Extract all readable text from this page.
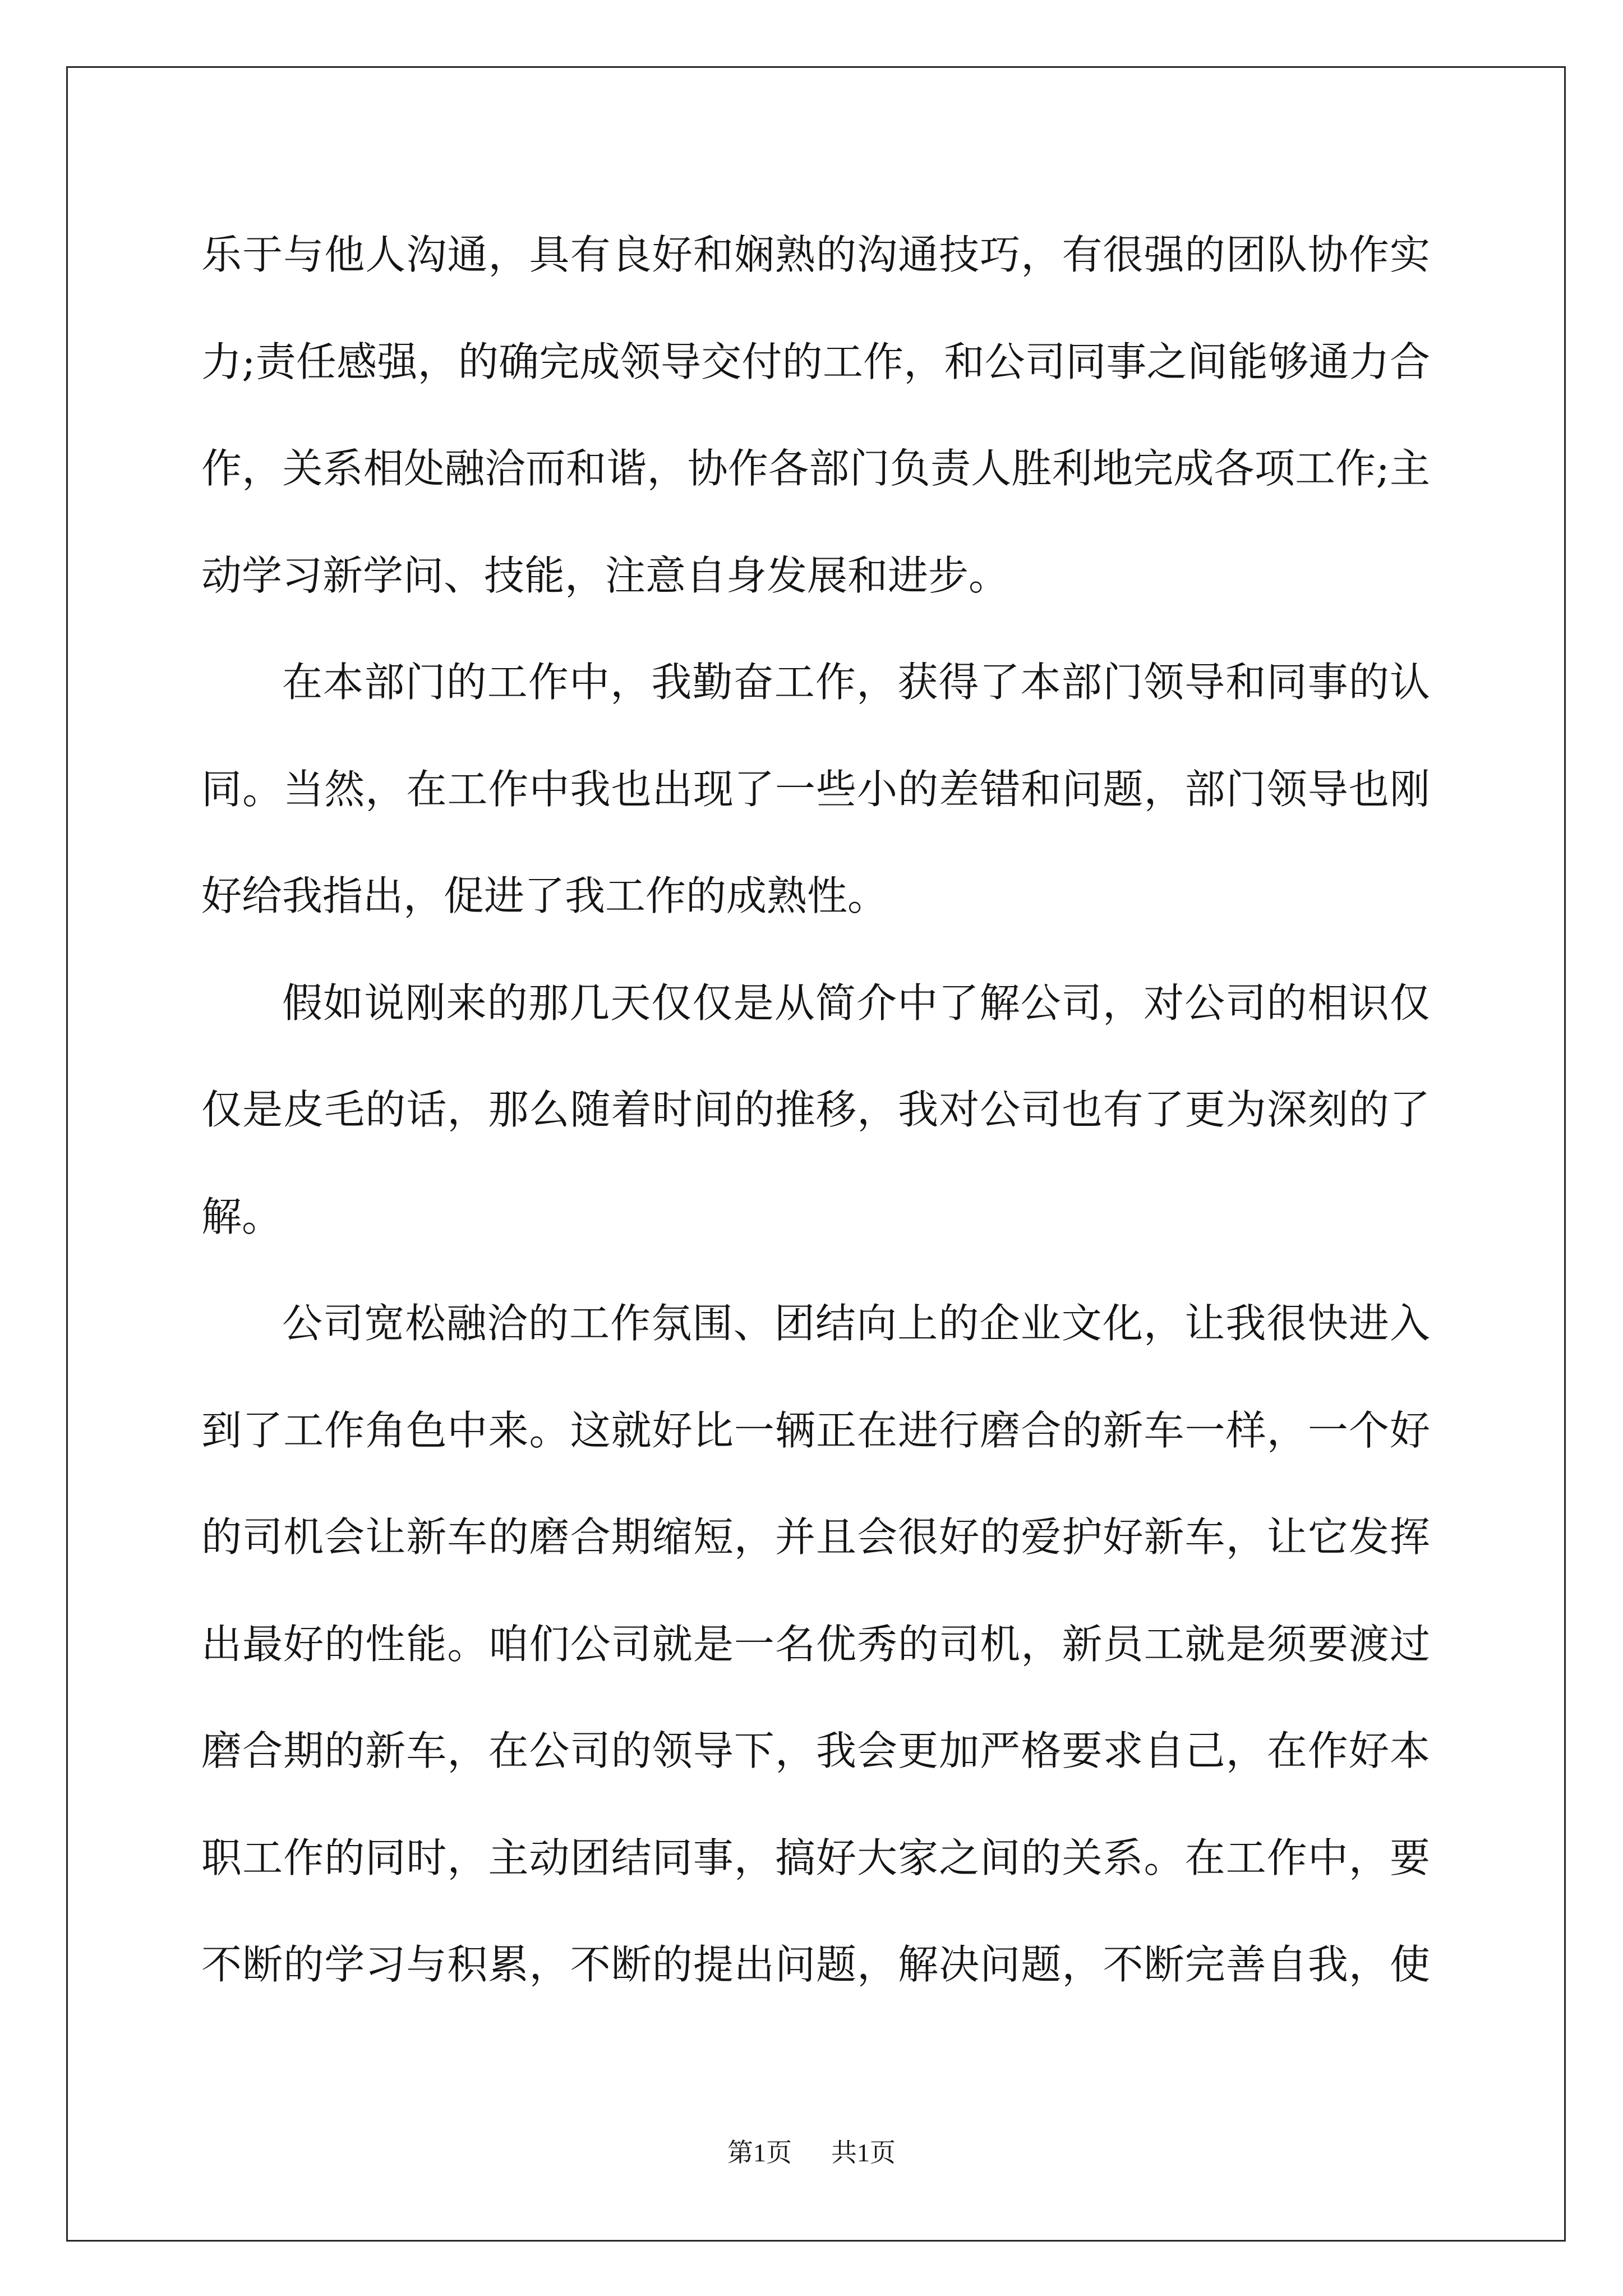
乐于与他人沟通，具有良好和娴熟的沟通技巧，有很强的团队协作实
力;责任感强，的确完成领导交付的工作，和公司同事之间能够通力合
作，关系相处融洽而和谐，协作各部门负责人胜利地完成各项工作;主
动学习新学问、技能，注意自身发展和进步。
在本部门的工作中，我勤奋工作，获得了本部门领导和同事的认
同。当然，在工作中我也出现了一些小的差错和问题，部门领导也刚
好给我指出，促进了我工作的成熟性。
假如说刚来的那几天仅仅是从简介中了解公司，对公司的相识仅
仅是皮毛的话，那么随着时间的推移，我对公司也有了更为深刻的了
解。
公司宽松融洽的工作氛围、团结向上的企业文化，让我很快进入
到了工作角色中来。这就好比一辆正在进行磨合的新车一样，一个好
的司机会让新车的磨合期缩短，并且会很好的爱护好新车，让它发挥
出最好的性能。咱们公司就是一名优秀的司机，新员工就是须要渡过
磨合期的新车，在公司的领导下，我会更加严格要求自己，在作好本
职工作的同时，主动团结同事，搞好大家之间的关系。在工作中，要
不断的学习与积累，不断的提出问题，解决问题，不断完善自我，使
第1页 共1页
